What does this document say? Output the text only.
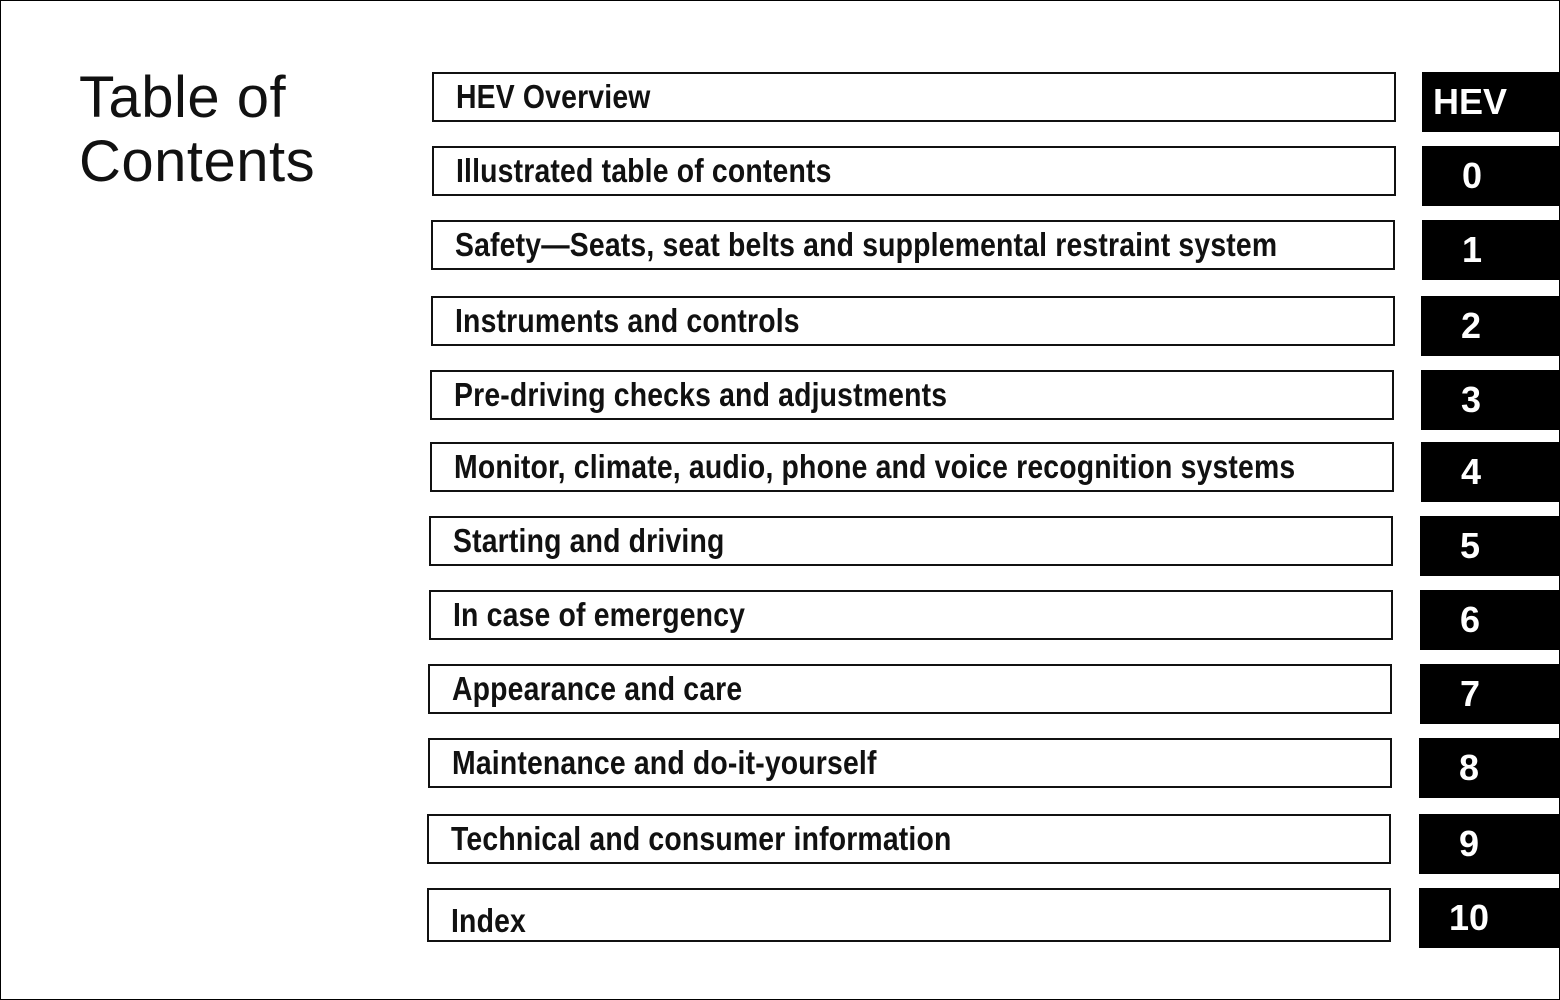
Table of
Contents
HEV Overview	HEV
Illustrated table of contents	0
Safety—Seats, seat belts and supplemental restraint system	1
Instruments and controls	2
Pre-driving checks and adjustments	3
Monitor, climate, audio, phone and voice recognition systems	4
Starting and driving	5
In case of emergency	6
Appearance and care	7
Maintenance and do-it-yourself	8
Technical and consumer information	9
Index	10
